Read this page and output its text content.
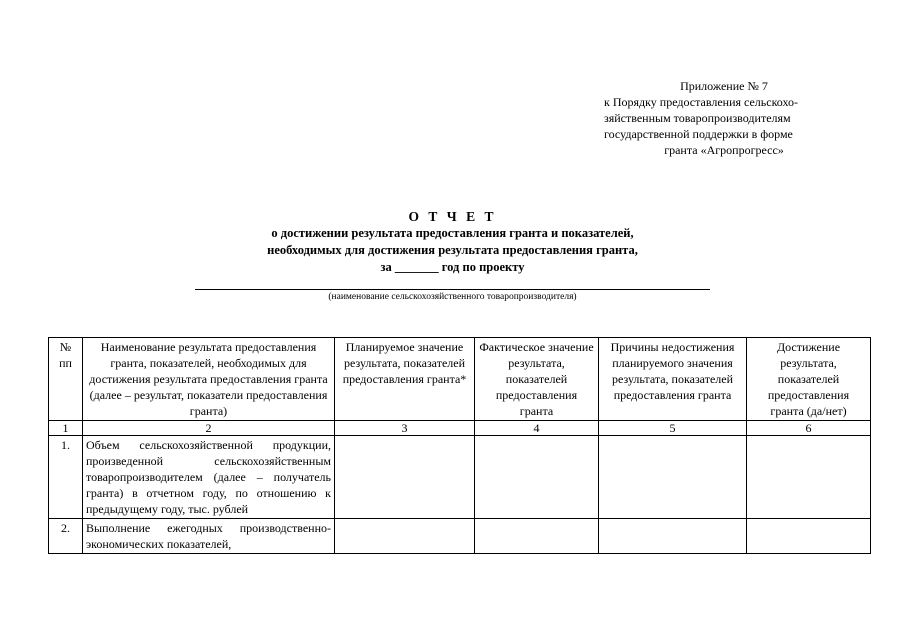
Приложение № 7
к Порядку предоставления сельскохо-
зяйственным товаропроизводителям
государственной поддержки в форме
гранта «Агропрогресс»
О Т Ч Е Т
о достижении результата предоставления гранта и показателей,
необходимых для достижения результата предоставления гранта,
за _______ год по проекту
(наименование сельскохозяйственного товаропроизводителя)
№ пп	Наименование результата предоставления гранта, показателей, необходимых для достижения результата предоставления гранта (далее – результат, показатели предоставления гранта)	Планируемое значение результата, показателей предоставления гранта*	Фактическое значение результата, показателей предоставления гранта	Причины недостижения планируемого значения результата, показателей предоставления гранта	Достижение результата, показателей предоставления гранта (да/нет)
1	2	3	4	5	6
1.	Объем сельскохозяйственной продукции, произведенной сельскохозяйственным товаропроизводителем (далее – получатель гранта) в отчетном году, по отношению к предыдущему году, тыс. рублей				
2.	Выполнение ежегодных производственно-экономических показателей,				
